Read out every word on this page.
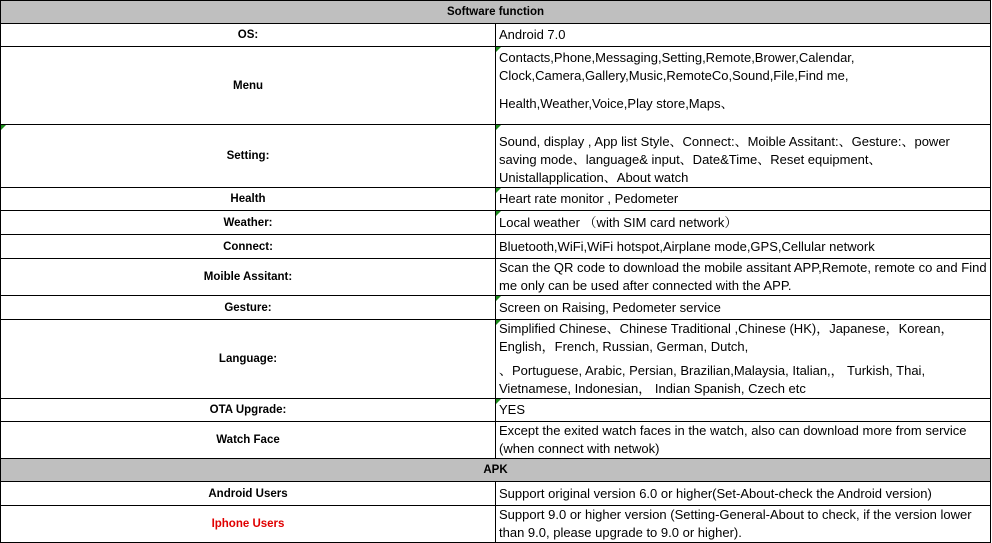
Software function	
OS:	Android 7.0
Menu	Contacts,Phone,Messaging,Setting,Remote,Brower,Calendar, Clock,Camera,Gallery,Music,RemoteCo,Sound,File,Find me,
Health,Weather,Voice,Play store,Maps、

Setting:	Sound, display , App list Style、Connect:、Moible Assitant:、Gesture:、power saving mode、language& input、Date&Time、Reset equipment、
Unistallapplication、About watch

Health	Heart rate monitor , Pedometer
Weather:	Local weather （with SIM card network）
Connect:	Bluetooth,WiFi,WiFi hotspot,Airplane mode,GPS,Cellular network
Moible Assitant:	Scan the QR code to download the mobile assitant APP,Remote, remote co and Find me only can be used after connected with the APP.
Gesture:	Screen on Raising, Pedometer service
Language:	Simplified Chinese、Chinese Traditional ,Chinese (HK)，Japanese，Korean，English，French, Russian, German, Dutch,
、Portuguese, Arabic, Persian, Brazilian,Malaysia, Italian,， Turkish, Thai, Vietnamese, Indonesian， Indian Spanish, Czech etc

OTA Upgrade:	YES
Watch Face	Except the exited watch faces in the watch, also can download more from service (when connect with netwok)
APK	
Android Users	Support original version 6.0 or higher(Set-About-check the Android version)
Iphone Users	Support 9.0 or higher version (Setting-General-About to check, if the version lower than 9.0, please upgrade to 9.0 or higher).
